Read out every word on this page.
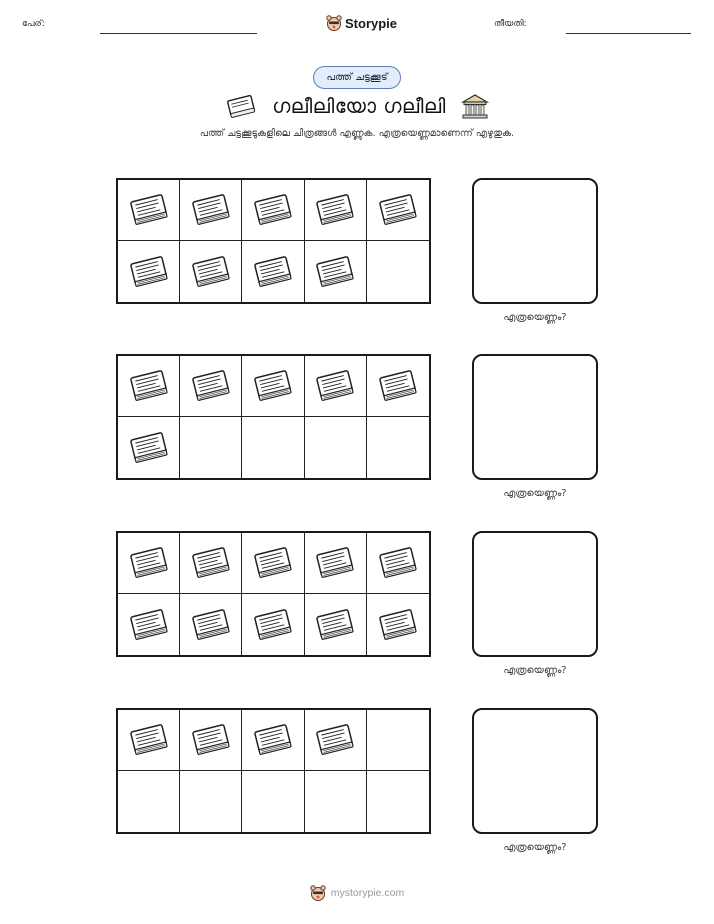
പേര്:	Storypie	തീയതി:
പത്ത് ചട്ടക്കൂട്
ഗലീലിയോ ഗലീലി
പത്ത് ചട്ടക്കൂടുകളിലെ ചിത്രങ്ങൾ എണ്ണുക. എത്രയെണ്ണമാണെന്ന് എഴുതുക.
എത്രയെണ്ണം?
എത്രയെണ്ണം?
എത്രയെണ്ണം?
എത്രയെണ്ണം?
mystorypie.com
